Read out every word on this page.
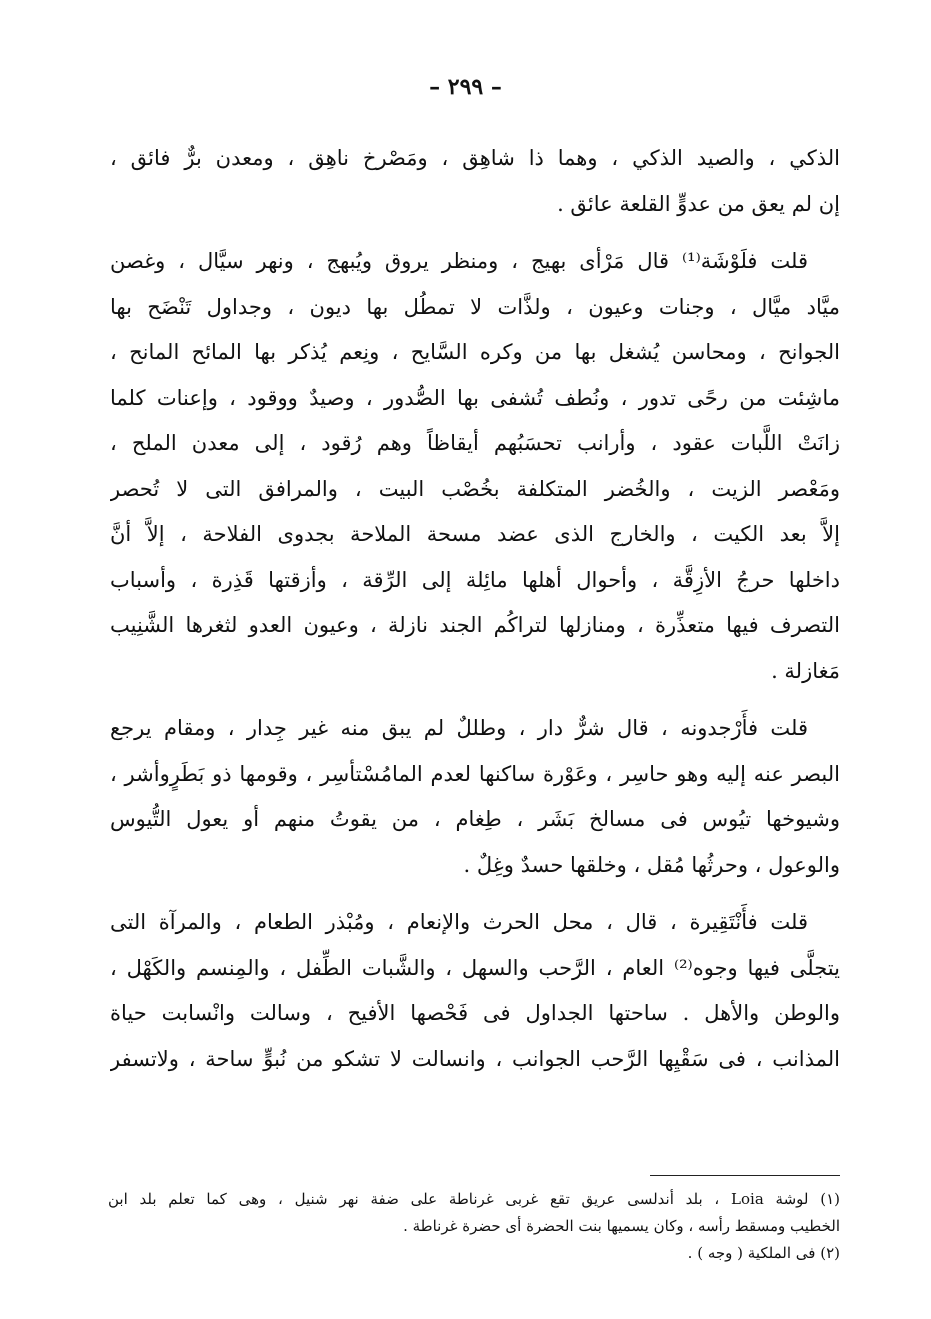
– ٢٩٩ –
الذكي ، والصيد الذكي ، وهما ذا شاهِق ، ومَصْرخ ناهِق ، ومعدن برٌّ فائق ،
إن لم يعق من عدوٍّ القلعة عائق .
قلت فلَوْشَة⁽¹⁾ قال مَرْأى بهيج ، ومنظر يروق ويُبهج ، ونهر سيَّال ، وغصن
ميَّاد ميَّال ، وجنات وعيون ، ولذَّات لا تمطُل بها ديون ، وجداول تَنْضَح بها
الجوانح ، ومحاسن يُشغل بها من وكره السَّايح ، ونِعم يُذكر بها المائح المانح ،
ماشِئت من رحًى تدور ، ونُطف تُشفى بها الصُّدور ، وصيدٌ ووقود ، وإعنات كلما
زانَتْ اللَّبات عقود ، وأرانب تحسَبُهم أيقاظاً وهم رُقود ، إلى معدن الملح ،
ومَعْصر الزيت ، والخُضر المتكلفة بخُصْب البيت ، والمرافق التى لا تُحصر
إلاَّ بعد الكيت ، والخارج الذى عضد مسحة الملاحة بجدوى الفلاحة ، إلاَّ أنَّ
داخلها حرجُ الأزِقَّة ، وأحوال أهلها مائِلة إلى الرِّقة ، وأزقتها قَذِرة ، وأسباب
التصرف فيها متعذِّرة ، ومنازلها لتراكُم الجند نازلة ، وعيون العدو لثغرها الشَّنِيب
مَغازلة .
قلت فأَرْجدونه ، قال شرٌّ دار ، وطللٌ لم يبق منه غير جِدار ، ومقام يرجع
البصر عنه إليه وهو حاسِر ، وعَوْرة ساكنها لعدم المامُسْتأسِر ، وقومها ذو بَطَرٍوأشر ،
وشيوخها تيُوس فى مسالخ بَشَر ، طِغام ، من يقوتُ منهم أو يعول التُّيوس
والوعول ، وحرثُها مُقل ، وخلقها حسدٌ وغِلٌ .
قلت فأَنْتَقِيرة ، قال ، محل الحرث والإنعام ، ومُبْذر الطعام ، والمرآة التى
يتجلَّى فيها وجوه⁽²⁾ العام ، الرَّحب والسهل ، والشَّبات الطِّفل ، والمِنسم والكَهْل ،
والوطن والأهل . ساحتها الجداول فى فَحْصها الأفيح ، وسالت وانْسابت حياة
المذانب ، فى سَقْيِها الرَّحب الجوانب ، وانسالت لا تشكو من نُبوٍّ ساحة ، ولاتسفر
(١) لوشة Loia ، بلد أندلسى عريق تقع غربى غرناطة على ضفة نهر شنيل ، وهى كما تعلم بلد ابن
الخطيب ومسقط رأسه ، وكان يسميها بنت الحضرة أى حضرة غرناطة .
(٢) فى الملكية ( وجه ) .
